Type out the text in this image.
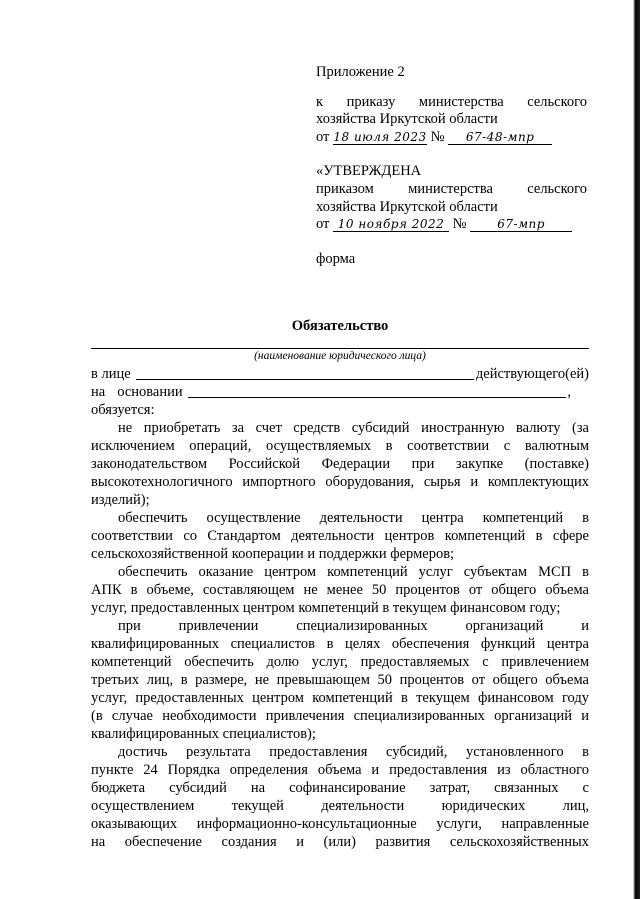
Приложение 2
к приказу министерства сельского
хозяйства Иркутской области
от 18 июля 2023 № 67-48-мпр
«УТВЕРЖДЕНА
приказом министерства сельского
хозяйства Иркутской области
от 10 ноября 2022 №	67-мпр
форма
Обязательство
(наименование юридического лица)
в лице	действующего(ей)
на основании	,
обязуется:
не приобретать за счет средств субсидий иностранную валюту (за
исключением операций, осуществляемых в соответствии с валютным
законодательством Российской Федерации при закупке (поставке)
высокотехнологичного импортного оборудования, сырья и комплектующих
изделий);
обеспечить осуществление деятельности центра компетенций в
соответствии со Стандартом деятельности центров компетенций в сфере
сельскохозяйственной кооперации и поддержки фермеров;
обеспечить оказание центром компетенций услуг субъектам МСП в
АПК в объеме, составляющем не менее 50 процентов от общего объема
услуг, предоставленных центром компетенций в текущем финансовом году;
при привлечении специализированных организаций и
квалифицированных специалистов в целях обеспечения функций центра
компетенций обеспечить долю услуг, предоставляемых с привлечением
третьих лиц, в размере, не превышающем 50 процентов от общего объема
услуг, предоставленных центром компетенций в текущем финансовом году
(в случае необходимости привлечения специализированных организаций и
квалифицированных специалистов);
достичь результата предоставления субсидий, установленного в
пункте 24 Порядка определения объема и предоставления из областного
бюджета субсидий на софинансирование затрат, связанных с
осуществлением текущей деятельности юридических лиц,
оказывающих информационно-консультационные услуги, направленные
на обеспечение создания и (или) развития сельскохозяйственных
